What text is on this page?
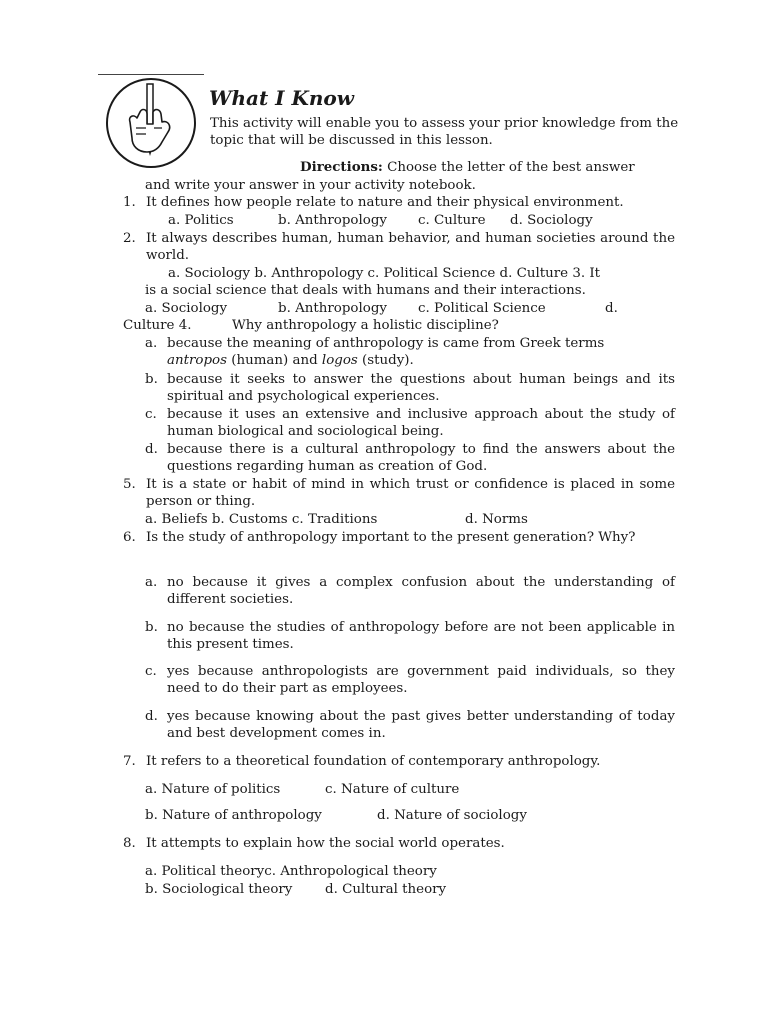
What I Know
This activity will enable you to assess your prior knowledge from the topic that will be discussed in this lesson.
Directions: Choose the letter of the best answer
and write your answer in your activity notebook.
1. It defines how people relate to nature and their physical environment.
a. Politics	b. Anthropology c. Culture d. Sociology
2. It always describes human, human behavior, and human societies around the world.
a. Sociology b. Anthropology c. Political Science d. Culture 3. It
is a social science that deals with humans and their interactions.
a. Sociology	b. Anthropology c. Political Science	d.
Culture 4.	Why anthropology a holistic discipline?
a. because the meaning of anthropology is came from Greek terms
antropos (human) and logos (study).
b. because it seeks to answer the questions about human beings and its spiritual and psychological experiences.
c. because it uses an extensive and inclusive approach about the study of human biological and sociological being.
d. because there is a cultural anthropology to find the answers about the questions regarding human as creation of God.
5. It is a state or habit of mind in which trust or confidence is placed in some person or thing.
a. Beliefs b. Customs c. Traditions	d. Norms
6. Is the study of anthropology important to the present generation? Why?
a. no because it gives a complex confusion about the understanding of different societies.
b. no because the studies of anthropology before are not been applicable in this present times.
c. yes because anthropologists are government paid individuals, so they need to do their part as employees.
d. yes because knowing about the past gives better understanding of today and best development comes in.
7. It refers to a theoretical foundation of contemporary anthropology.
a. Nature of politics	c. Nature of culture
b. Nature of anthropology	d. Nature of sociology
8. It attempts to explain how the social world operates.
a. Political theoryc. Anthropological theory
b. Sociological theory d. Cultural theory
